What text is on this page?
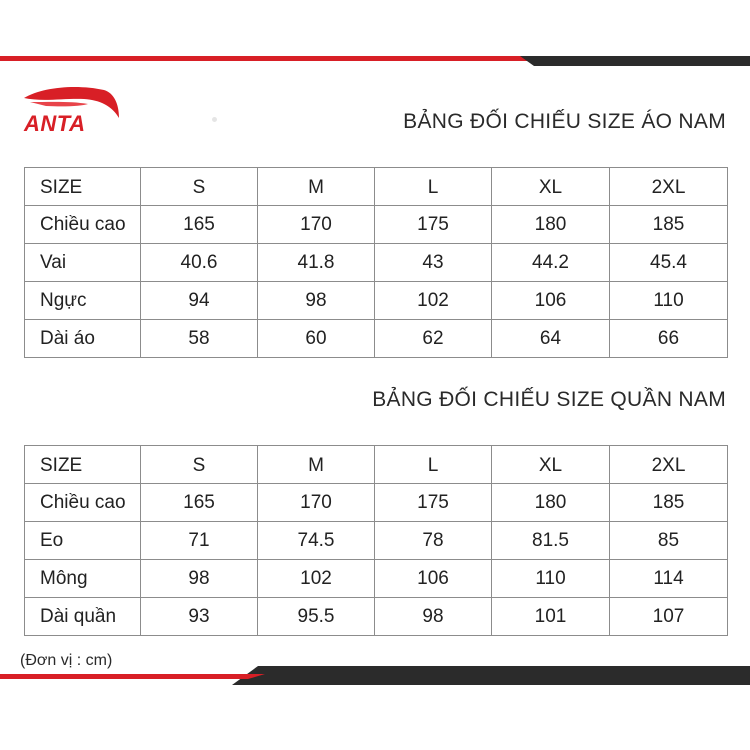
ANTA	BẢNG ĐỐI CHIẾU SIZE ÁO NAM
SIZE	S	M	L	XL	2XL
Chiều cao	165	170	175	180	185
Vai	40.6	41.8	43	44.2	45.4
Ngực	94	98	102	106	110
Dài áo	58	60	62	64	66
BẢNG ĐỐI CHIẾU SIZE QUẦN NAM
SIZE	S	M	L	XL	2XL
Chiều cao	165	170	175	180	185
Eo	71	74.5	78	81.5	85
Mông	98	102	106	110	114
Dài quần	93	95.5	98	101	107
(Đơn vị : cm)
